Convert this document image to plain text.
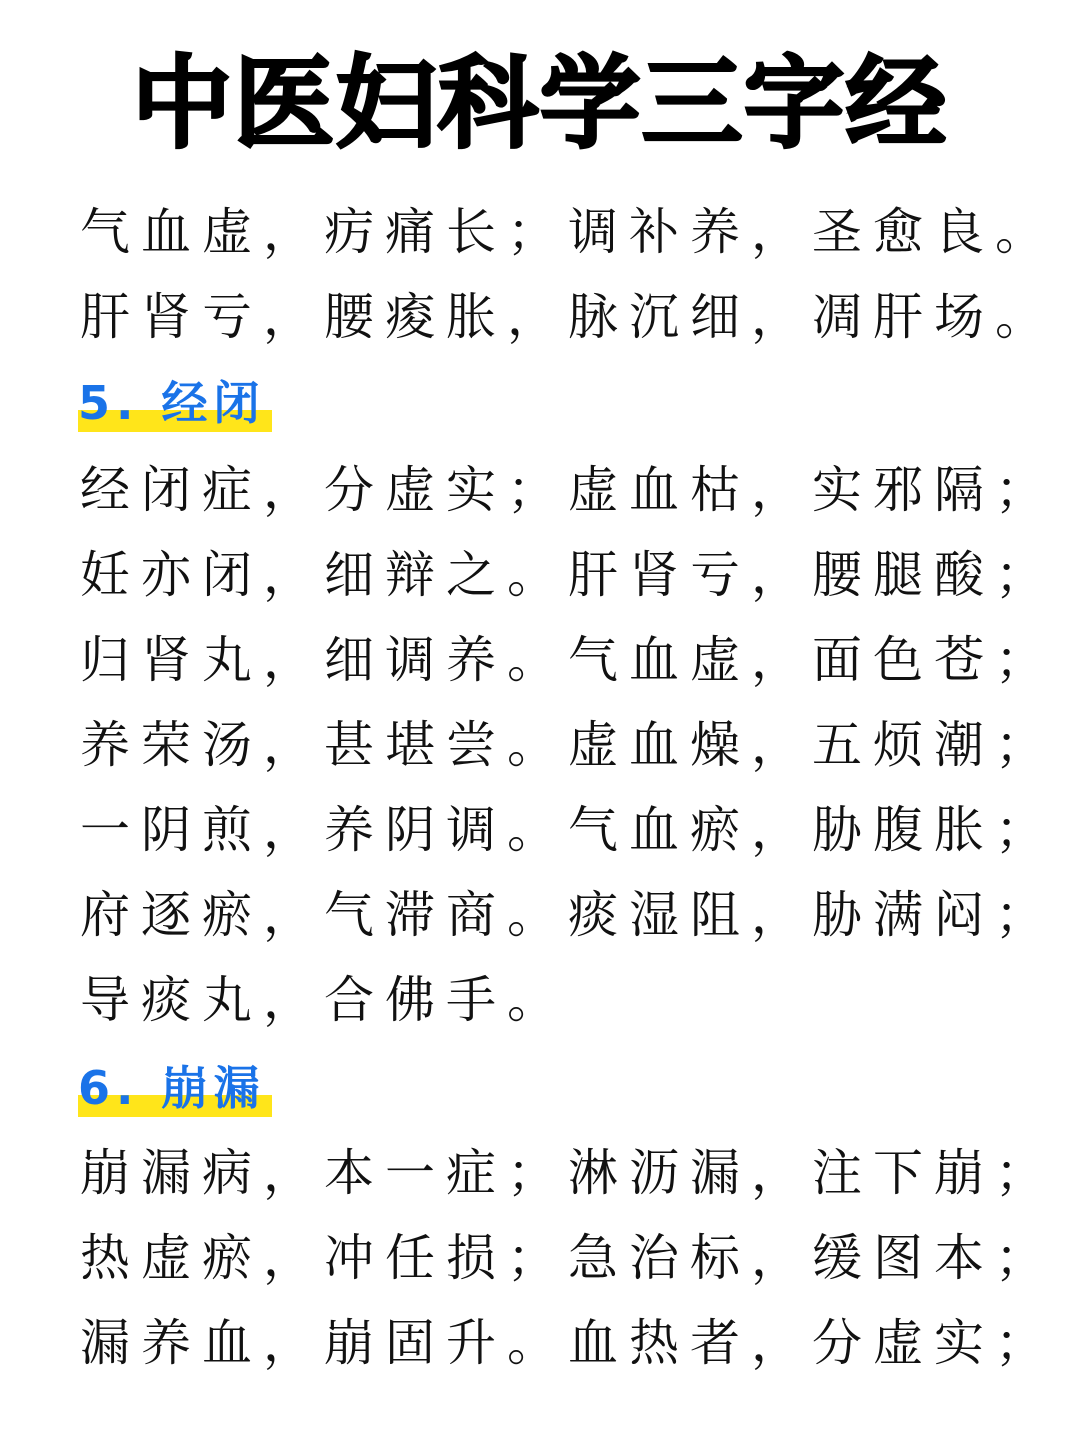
中医妇科学三字经
气血虚，疠痛长；调补养，圣愈良。
肝肾亏，腰痠胀，脉沉细，凋肝场。
5. 经闭
经闭症，分虚实；虚血枯，实邪隔；
妊亦闭，细辩之。肝肾亏，腰腿酸；
归肾丸，细调养。气血虚，面色苍；
养荣汤，甚堪尝。虚血燥，五烦潮；
一阴煎，养阴调。气血瘀，胁腹胀；
府逐瘀，气滞商。痰湿阻，胁满闷；
导痰丸，合佛手。
6. 崩漏
崩漏病，本一症；淋沥漏，注下崩；
热虚瘀，冲任损；急治标，缓图本；
漏养血，崩固升。血热者，分虚实；
